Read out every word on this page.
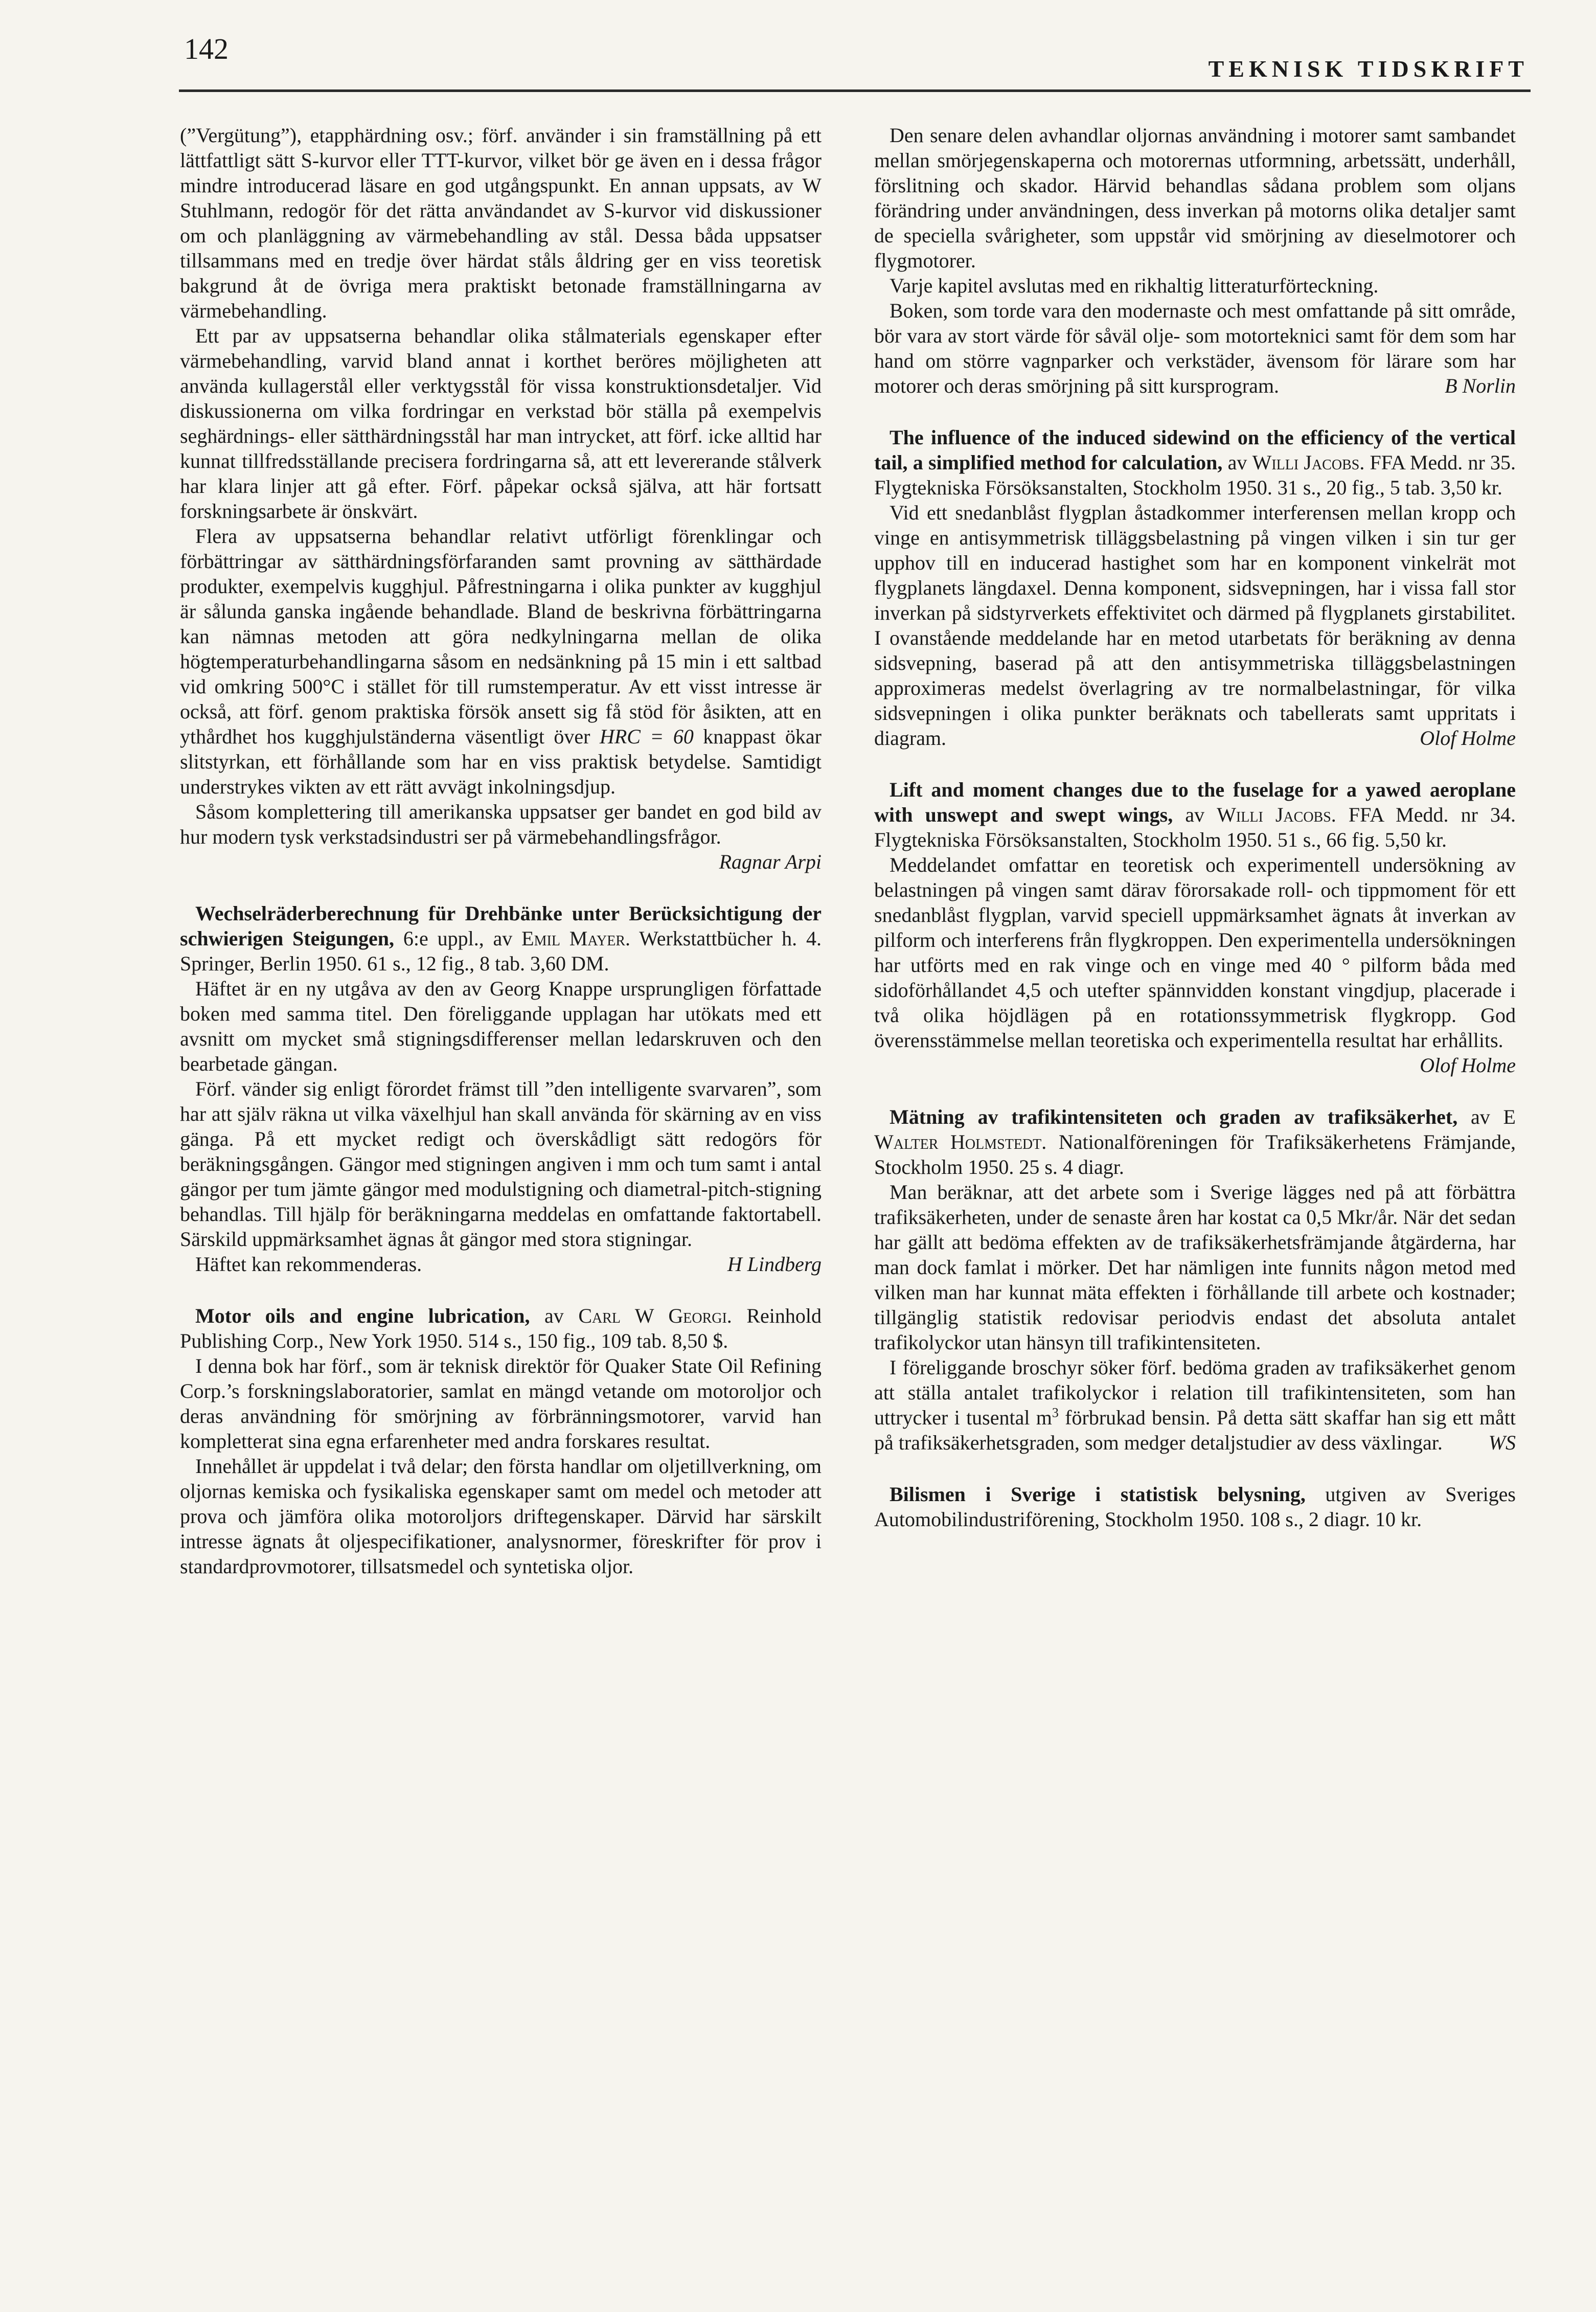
142
TEKNISK TIDSKRIFT

(”Vergütung”), etapphärdning osv.; förf. använder i sin framställning på ett lättfattligt sätt S-kurvor eller TTT-kurvor, vilket bör ge även en i dessa frågor mindre introducerad läsare en god utgångspunkt. En annan uppsats, av W Stuhlmann, redogör för det rätta användandet av S-kurvor vid diskussioner om och planläggning av värmebehandling av stål. Dessa båda uppsatser tillsammans med en tredje över härdat ståls åldring ger en viss teoretisk bakgrund åt de övriga mera praktiskt betonade framställningarna av värmebehandling.

Ett par av uppsatserna behandlar olika stålmaterials egenskaper efter värmebehandling, varvid bland annat i korthet beröres möjligheten att använda kullagerstål eller verktygsstål för vissa konstruktionsdetaljer. Vid diskussionerna om vilka fordringar en verkstad bör ställa på exempelvis seghärdnings- eller sätthärdningsstål har man intrycket, att förf. icke alltid har kunnat tillfredsställande precisera fordringarna så, att ett levererande stålverk har klara linjer att gå efter. Förf. påpekar också själva, att här fortsatt forskningsarbete är önskvärt.

Flera av uppsatserna behandlar relativt utförligt förenklingar och förbättringar av sätthärdningsförfaranden samt provning av sätthärdade produkter, exempelvis kugghjul. Påfrestningarna i olika punkter av kugghjul är sålunda ganska ingående behandlade. Bland de beskrivna förbättringarna kan nämnas metoden att göra nedkylningarna mellan de olika högtemperaturbehandlingarna såsom en nedsänkning på 15 min i ett saltbad vid omkring 500°C i stället för till rumstemperatur. Av ett visst intresse är också, att förf. genom praktiska försök ansett sig få stöd för åsikten, att en ythårdhet hos kugghjulständerna väsentligt över HRC = 60 knappast ökar slitstyrkan, ett förhållande som har en viss praktisk betydelse. Samtidigt understrykes vikten av ett rätt avvägt inkolningsdjup.

Såsom komplettering till amerikanska uppsatser ger bandet en god bild av hur modern tysk verkstadsindustri ser på värmebehandlingsfrågor.
Ragnar Arpi

Wechselräderberechnung für Drehbänke unter Berücksichtigung der schwierigen Steigungen, 6:e uppl., av Emil Mayer. Werkstattbücher h. 4. Springer, Berlin 1950. 61 s., 12 fig., 8 tab. 3,60 DM.

Häftet är en ny utgåva av den av Georg Knappe ursprungligen författade boken med samma titel. Den föreliggande upplagan har utökats med ett avsnitt om mycket små stigningsdifferenser mellan ledarskruven och den bearbetade gängan.

Förf. vänder sig enligt förordet främst till ”den intelligente svarvaren”, som har att själv räkna ut vilka växelhjul han skall använda för skärning av en viss gänga. På ett mycket redigt och överskådligt sätt redogörs för beräkningsgången. Gängor med stigningen angiven i mm och tum samt i antal gängor per tum jämte gängor med modulstigning och diametral-pitch-stigning behandlas. Till hjälp för beräkningarna meddelas en omfattande faktortabell. Särskild uppmärksamhet ägnas åt gängor med stora stigningar.

Häftet kan rekommenderas.	H Lindberg

Motor oils and engine lubrication, av Carl W Georgi. Reinhold Publishing Corp., New York 1950. 514 s., 150 fig., 109 tab. 8,50 $.

I denna bok har förf., som är teknisk direktör för Quaker State Oil Refining Corp.’s forskningslaboratorier, samlat en mängd vetande om motoroljor och deras användning för smörjning av förbränningsmotorer, varvid han kompletterat sina egna erfarenheter med andra forskares resultat.

Innehållet är uppdelat i två delar; den första handlar om oljetillverkning, om oljornas kemiska och fysikaliska egenskaper samt om medel och metoder att prova och jämföra olika motoroljors driftegenskaper. Därvid har särskilt intresse ägnats åt oljespecifikationer, analysnormer, föreskrifter för prov i standardprovmotorer, tillsatsmedel och syntetiska oljor.

Den senare delen avhandlar oljornas användning i motorer samt sambandet mellan smörjegenskaperna och motorernas utformning, arbetssätt, underhåll, förslitning och skador. Härvid behandlas sådana problem som oljans förändring under användningen, dess inverkan på motorns olika detaljer samt de speciella svårigheter, som uppstår vid smörjning av dieselmotorer och flygmotorer.

Varje kapitel avslutas med en rikhaltig litteraturförteckning.

Boken, som torde vara den modernaste och mest omfattande på sitt område, bör vara av stort värde för såväl olje- som motorteknici samt för dem som har hand om större vagnparker och verkstäder, ävensom för lärare som har motorer och deras smörjning på sitt kursprogram.	B Norlin

The influence of the induced sidewind on the efficiency of the vertical tail, a simplified method for calculation, av Willi Jacobs. FFA Medd. nr 35. Flygtekniska Försöksanstalten, Stockholm 1950. 31 s., 20 fig., 5 tab. 3,50 kr.

Vid ett snedanblåst flygplan åstadkommer interferensen mellan kropp och vinge en antisymmetrisk tilläggsbelastning på vingen vilken i sin tur ger upphov till en inducerad hastighet som har en komponent vinkelrät mot flygplanets längdaxel. Denna komponent, sidsvepningen, har i vissa fall stor inverkan på sidstyrverkets effektivitet och därmed på flygplanets girstabilitet. I ovanstående meddelande har en metod utarbetats för beräkning av denna sidsvepning, baserad på att den antisymmetriska tilläggsbelastningen approximeras medelst överlagring av tre normalbelastningar, för vilka sidsvepningen i olika punkter beräknats och tabellerats samt uppritats i diagram.	Olof Holme

Lift and moment changes due to the fuselage for a yawed aeroplane with unswept and swept wings, av Willi Jacobs. FFA Medd. nr 34. Flygtekniska Försöksanstalten, Stockholm 1950. 51 s., 66 fig. 5,50 kr.

Meddelandet omfattar en teoretisk och experimentell undersökning av belastningen på vingen samt därav förorsakade roll- och tippmoment för ett snedanblåst flygplan, varvid speciell uppmärksamhet ägnats åt inverkan av pilform och interferens från flygkroppen. Den experimentella undersökningen har utförts med en rak vinge och en vinge med 40 ° pilform båda med sidoförhållandet 4,5 och utefter spännvidden konstant vingdjup, placerade i två olika höjdlägen på en rotationssymmetrisk flygkropp. God överensstämmelse mellan teoretiska och experimentella resultat har erhållits.
Olof Holme

Mätning av trafikintensiteten och graden av trafiksäkerhet, av E Walter Holmstedt. Nationalföreningen för Trafiksäkerhetens Främjande, Stockholm 1950. 25 s. 4 diagr.

Man beräknar, att det arbete som i Sverige lägges ned på att förbättra trafiksäkerheten, under de senaste åren har kostat ca 0,5 Mkr/år. När det sedan har gällt att bedöma effekten av de trafiksäkerhetsfrämjande åtgärderna, har man dock famlat i mörker. Det har nämligen inte funnits någon metod med vilken man har kunnat mäta effekten i förhållande till arbete och kostnader; tillgänglig statistik redovisar periodvis endast det absoluta antalet trafikolyckor utan hänsyn till trafikintensiteten.

I föreliggande broschyr söker förf. bedöma graden av trafiksäkerhet genom att ställa antalet trafikolyckor i relation till trafikintensiteten, som han uttrycker i tusental $m^3$ förbrukad bensin. På detta sätt skaffar han sig ett mått på trafiksäkerhetsgraden, som medger detaljstudier av dess växlingar.	WS

Bilismen i Sverige i statistisk belysning, utgiven av Sveriges Automobilindustriförening, Stockholm 1950. 108 s., 2 diagr. 10 kr.
